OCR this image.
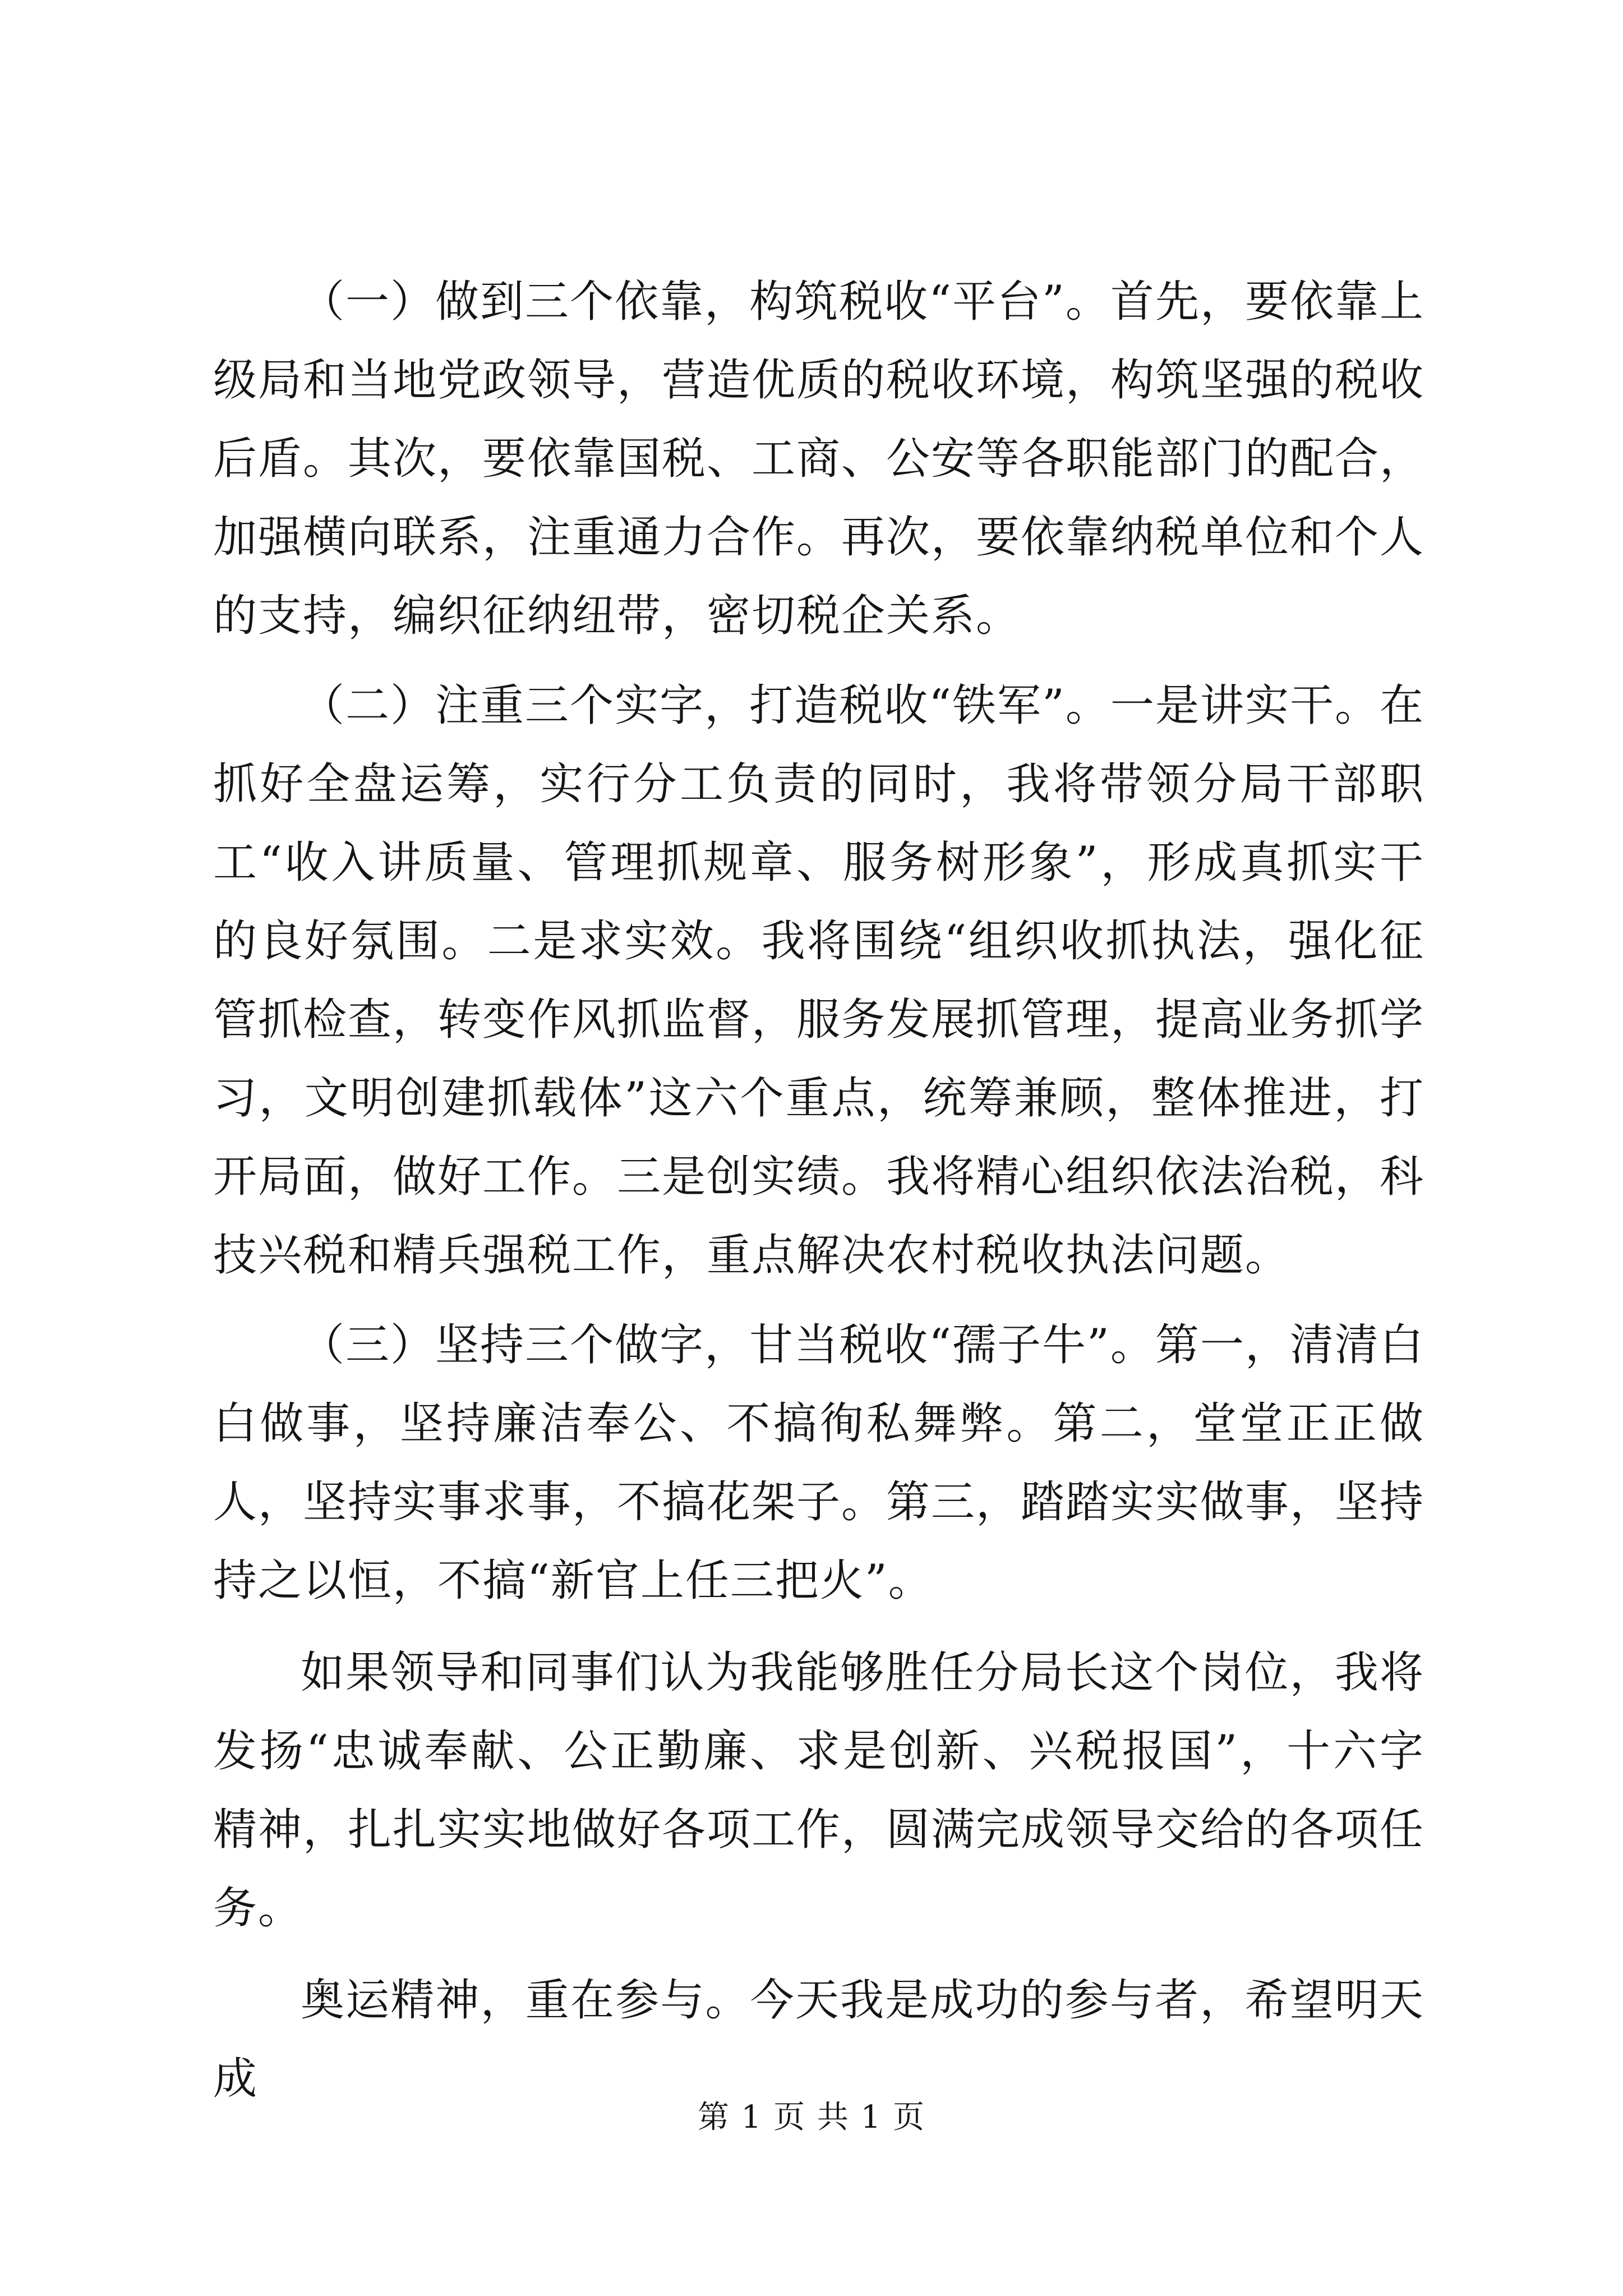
（一）做到三个依靠，构筑税收“平台”。首先，要依靠上级局和当地党政领导，营造优质的税收环境，构筑坚强的税收后盾。其次，要依靠国税、工商、公安等各职能部门的配合，加强横向联系，注重通力合作。再次，要依靠纳税单位和个人的支持，编织征纳纽带，密切税企关系。

（二）注重三个实字，打造税收“铁军”。一是讲实干。在抓好全盘运筹，实行分工负责的同时，我将带领分局干部职工“收入讲质量、管理抓规章、服务树形象”，形成真抓实干的良好氛围。二是求实效。我将围绕“组织收抓执法，强化征管抓检查，转变作风抓监督，服务发展抓管理，提高业务抓学习，文明创建抓载体”这六个重点，统筹兼顾，整体推进，打开局面，做好工作。三是创实绩。我将精心组织依法治税，科技兴税和精兵强税工作，重点解决农村税收执法问题。

（三）坚持三个做字，甘当税收“孺子牛”。第一，清清白白做事，坚持廉洁奉公、不搞徇私舞弊。第二，堂堂正正做人，坚持实事求事，不搞花架子。第三，踏踏实实做事，坚持持之以恒，不搞“新官上任三把火”。

如果领导和同事们认为我能够胜任分局长这个岗位，我将发扬“忠诚奉献、公正勤廉、求是创新、兴税报国”，十六字精神，扎扎实实地做好各项工作，圆满完成领导交给的各项任务。

奥运精神，重在参与。今天我是成功的参与者，希望明天成

第 1 页 共 1 页
